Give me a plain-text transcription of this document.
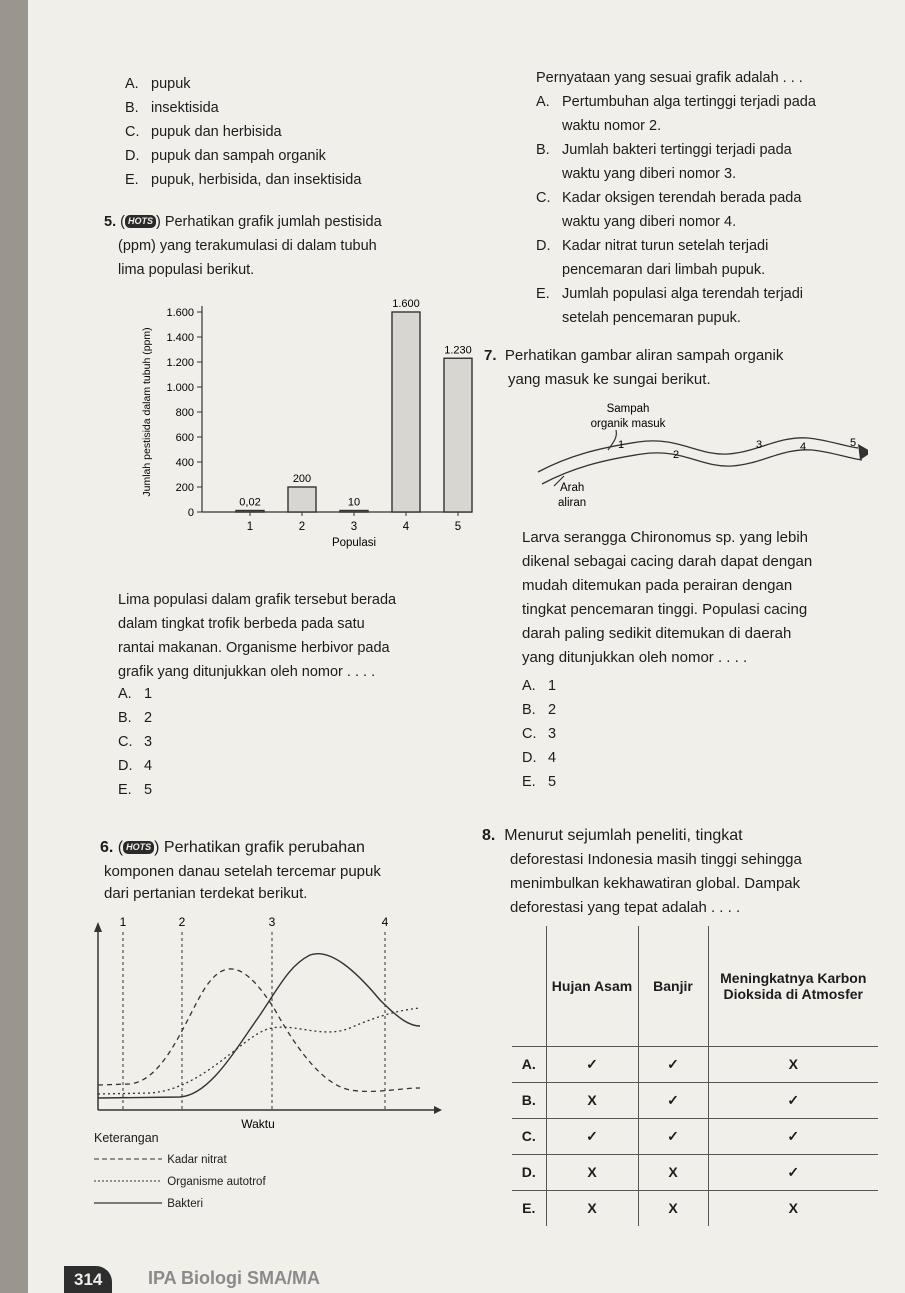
A. pupuk
B. insektisida
C. pupuk dan herbisida
D. pupuk dan sampah organik
E. pupuk, herbisida, dan insektisida
5. ( HOTS ) Perhatikan grafik jumlah pestisida
(ppm) yang terakumulasi di dalam tubuh
lima populasi berikut.
0
200
400
600
800
1.000
1.200
1.400
1.600
Jumlah pestisida dalam tubuh (ppm)
0,02
1
200
2
10
3
1.600
4
1.230
5
Populasi
Lima populasi dalam grafik tersebut berada
dalam tingkat trofik berbeda pada satu
rantai makanan. Organisme herbivor pada
grafik yang ditunjukkan oleh nomor . . . .
A. 1
B. 2
C. 3
D. 4
E. 5
6. ( HOTS ) Perhatikan grafik perubahan
komponen danau setelah tercemar pupuk
dari pertanian terdekat berikut.
1	2	3	4
Waktu
Keterangan
Kadar nitrat
Organisme autotrof
Bakteri
Pernyataan yang sesuai grafik adalah . . .
A. Pertumbuhan alga tertinggi terjadi pada
waktu nomor 2.
B. Jumlah bakteri tertinggi terjadi pada
waktu yang diberi nomor 3.
C. Kadar oksigen terendah berada pada
waktu yang diberi nomor 4.
D. Kadar nitrat turun setelah terjadi
pencemaran dari limbah pupuk.
E. Jumlah populasi alga terendah terjadi
setelah pencemaran pupuk.
7. Perhatikan gambar aliran sampah organik
yang masuk ke sungai berikut.
Sampah
organik masuk
1
2
3	4	5
Arah
aliran
Larva serangga Chironomus sp. yang lebih
dikenal sebagai cacing darah dapat dengan
mudah ditemukan pada perairan dengan
tingkat pencemaran tinggi. Populasi cacing
darah paling sedikit ditemukan di daerah
yang ditunjukkan oleh nomor . . . .
A. 1
B. 2
C. 3
D. 4
E. 5
8. Menurut sejumlah peneliti, tingkat
deforestasi Indonesia masih tinggi sehingga
menimbulkan kekhawatiran global. Dampak
deforestasi yang tepat adalah . . . .
	Hujan Asam	Banjir	Meningkatnya Karbon Dioksida di Atmosfer
A.	✓	✓	X
B.	X	✓	✓
C.	✓	✓	✓
D.	X	X	✓
E.	X	X	X
314	IPA Biologi SMA/MA
